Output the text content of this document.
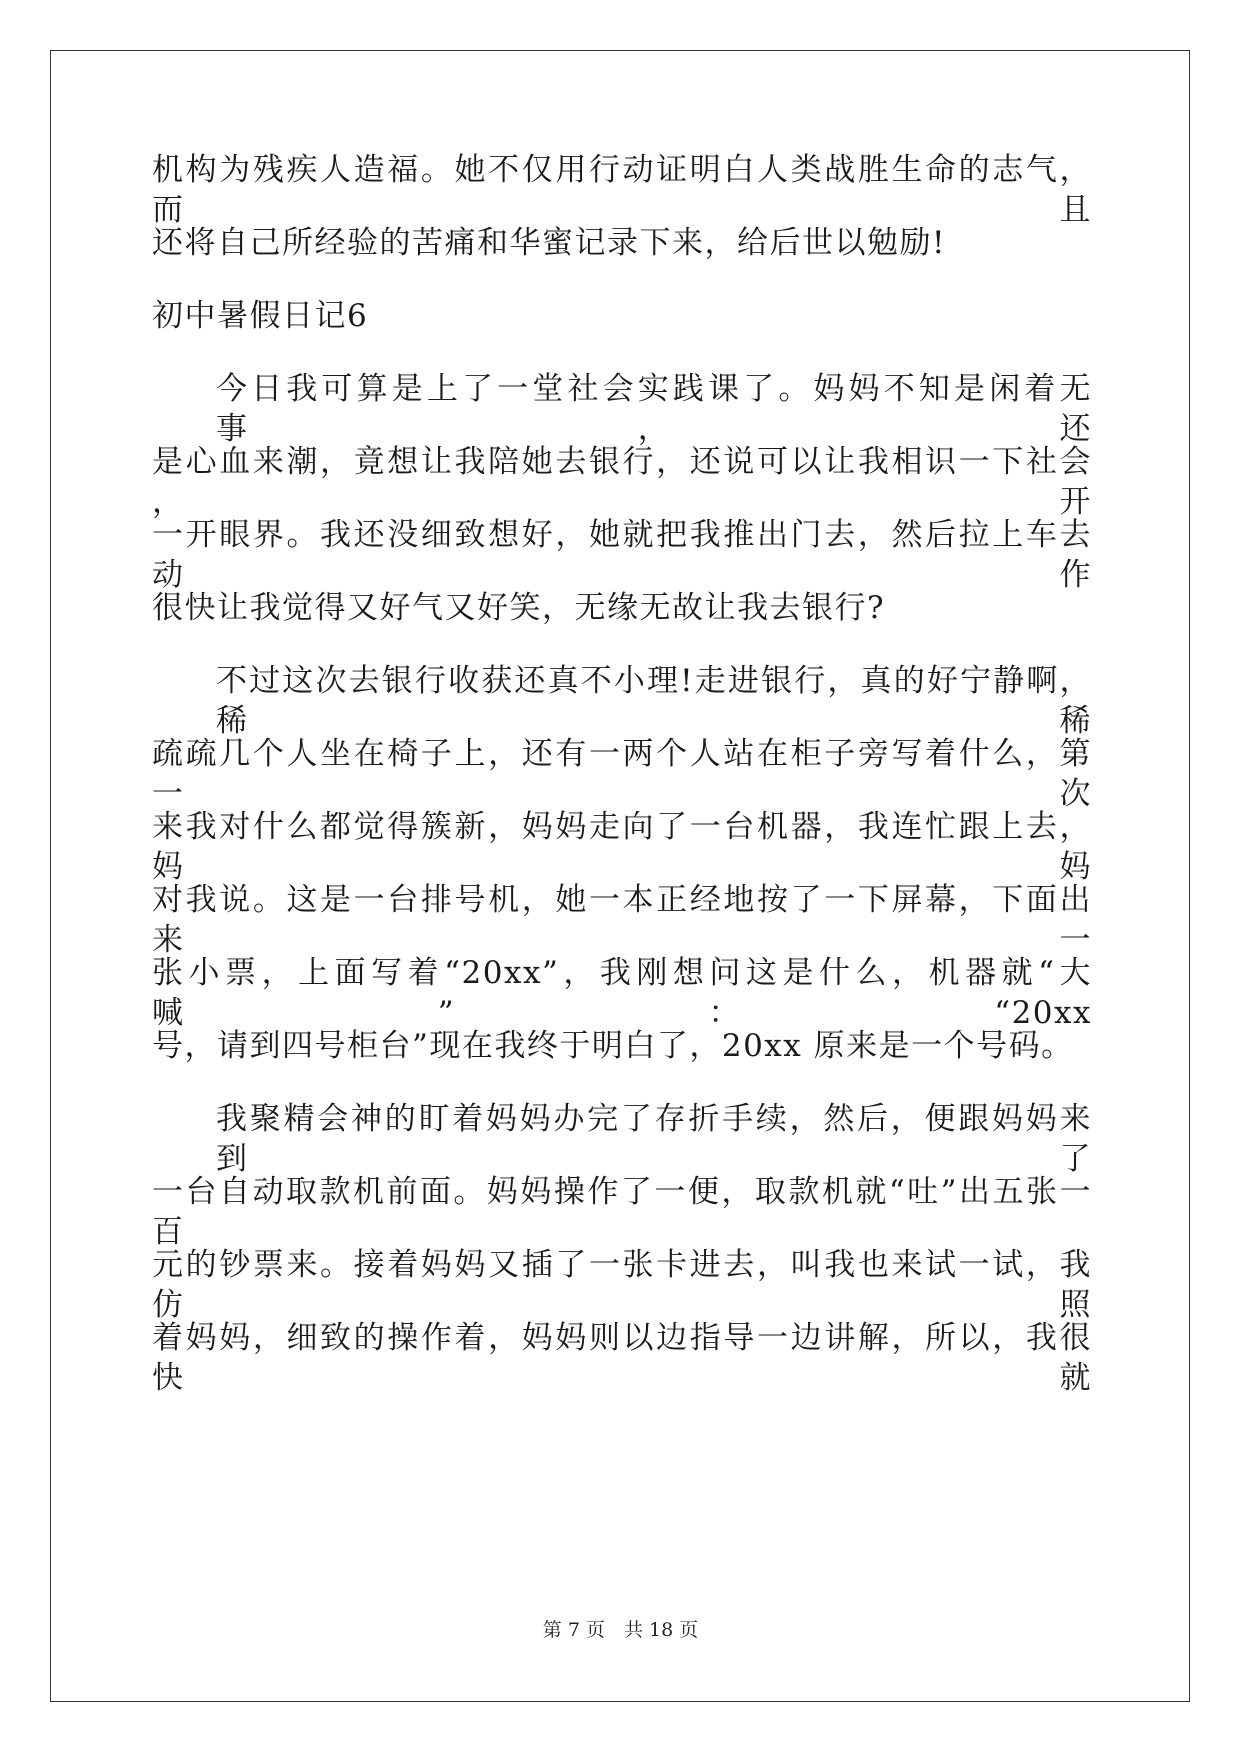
机构为残疾人造福。她不仅用行动证明白人类战胜生命的志气，而且
还将自己所经验的苦痛和华蜜记录下来，给后世以勉励!
初中暑假日记6
今日我可算是上了一堂社会实践课了。妈妈不知是闲着无事，还
是心血来潮，竟想让我陪她去银行，还说可以让我相识一下社会 ，开
一开眼界。我还没细致想好，她就把我推出门去，然后拉上车去动作
很快让我觉得又好气又好笑，无缘无故让我去银行?
不过这次去银行收获还真不小理!走进银行，真的好宁静啊，稀稀
疏疏几个人坐在椅子上，还有一两个人站在柜子旁写着什么，第一次
来我对什么都觉得簇新，妈妈走向了一台机器，我连忙跟上去，妈妈
对我说。这是一台排号机，她一本正经地按了一下屏幕，下面出来一
张小票，上面写着“20xx”，我刚想问这是什么，机器就“大喊”：“20xx
号，请到四号柜台”现在我终于明白了，20xx 原来是一个号码。
我聚精会神的盯着妈妈办完了存折手续，然后，便跟妈妈来到了
一台自动取款机前面。妈妈操作了一便，取款机就“吐”出五张一百
元的钞票来。接着妈妈又插了一张卡进去，叫我也来试一试，我仿照
着妈妈，细致的操作着，妈妈则以边指导一边讲解，所以，我很快就
第 7 页　共 18 页
